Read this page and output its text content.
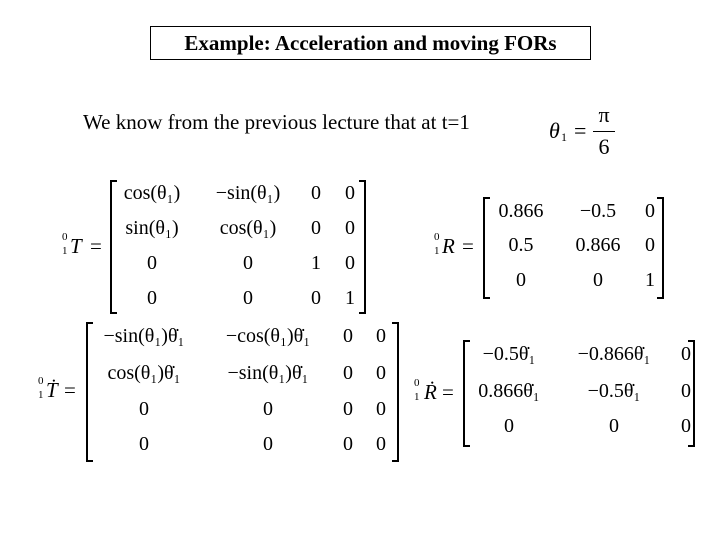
Example: Acceleration and moving FORs
We know from the previous lecture that at t=1	θ 1 =
π
6
0
1 T =
cos(θ₁) −sin(θ₁) 0 0
sin(θ₁) cos(θ₁) 0 0
0	0	1 0
0	0	0 1
0
1 R =
0.866 −0.5 0
0.5 0.866 0
0	0 1
0
1 Ṫ =
−sin(θ₁)θ̇₁ −cos(θ₁)θ̇₁ 0 0
cos(θ₁)θ̇₁ −sin(θ₁)θ̇₁ 0 0
0	0	0 0
0	0	0 0
0
1 Ṙ =
−0.5θ̇₁ −0.866θ̇₁ 0
0.866θ̇₁ −0.5θ̇₁ 0
0	0	0
